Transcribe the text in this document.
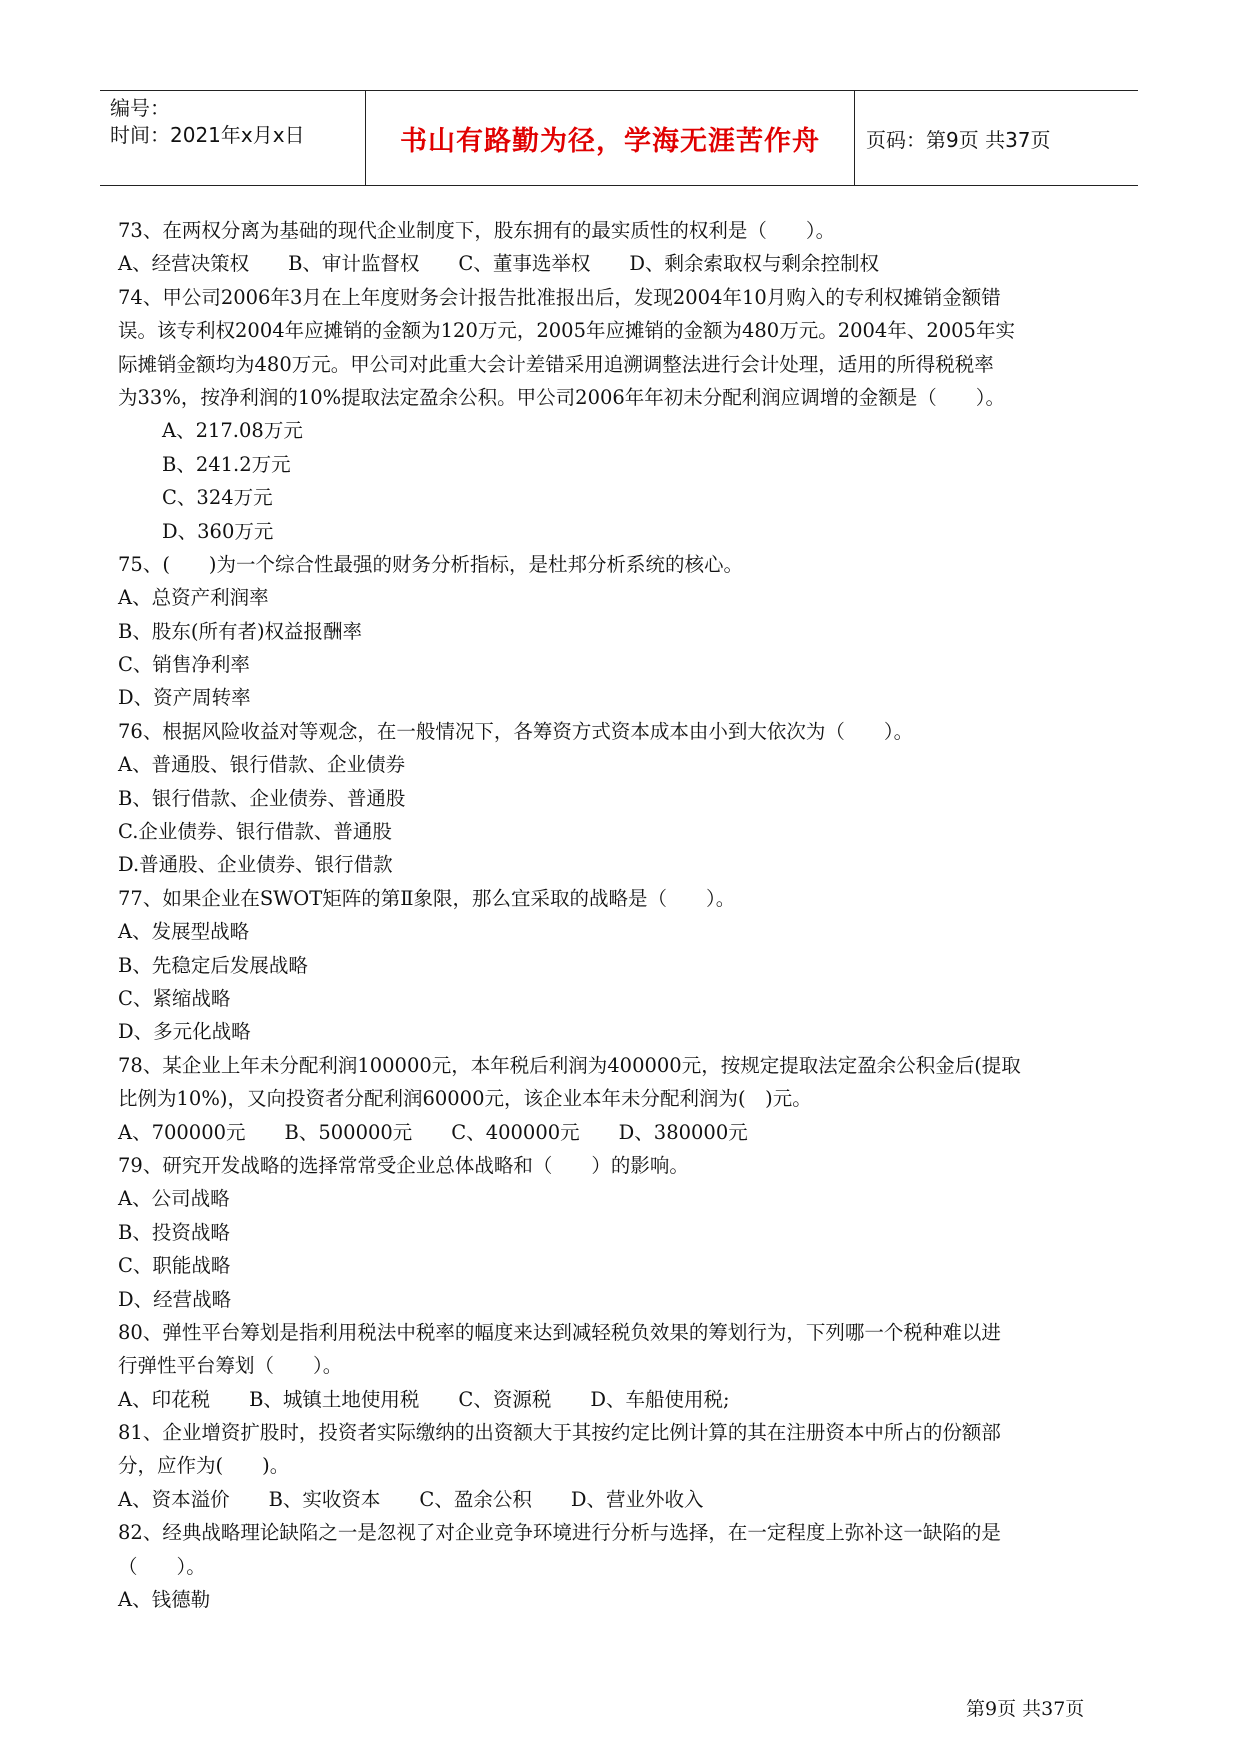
编号：
时间：2021年x月x日	书山有路勤为径，学海无涯苦作舟	页码：第9页 共37页
73、在两权分离为基础的现代企业制度下，股东拥有的最实质性的权利是（　　）。
A、经营决策权　　B、审计监督权　　C、董事选举权　　D、剩余索取权与剩余控制权
74、甲公司2006年3月在上年度财务会计报告批准报出后，发现2004年10月购入的专利权摊销金额错
误。该专利权2004年应摊销的金额为120万元，2005年应摊销的金额为480万元。2004年、2005年实
际摊销金额均为480万元。甲公司对此重大会计差错采用追溯调整法进行会计处理，适用的所得税税率
为33%，按净利润的10%提取法定盈余公积。甲公司2006年年初未分配利润应调增的金额是（　　）。
A、217.08万元
B、241.2万元
C、324万元
D、360万元
75、(　　)为一个综合性最强的财务分析指标，是杜邦分析系统的核心。
A、总资产利润率
B、股东(所有者)权益报酬率
C、销售净利率
D、资产周转率
76、根据风险收益对等观念，在一般情况下，各筹资方式资本成本由小到大依次为（　　）。
A、普通股、银行借款、企业债券
B、银行借款、企业债券、普通股
C.企业债券、银行借款、普通股
D.普通股、企业债券、银行借款
77、如果企业在SWOT矩阵的第Ⅱ象限，那么宜采取的战略是（　　）。
A、发展型战略
B、先稳定后发展战略
C、紧缩战略
D、多元化战略
78、某企业上年未分配利润100000元，本年税后利润为400000元，按规定提取法定盈余公积金后(提取
比例为10%)，又向投资者分配利润60000元，该企业本年未分配利润为(　)元。
A、700000元　　B、500000元　　C、400000元　　D、380000元
79、研究开发战略的选择常常受企业总体战略和（　　）的影响。
A、公司战略
B、投资战略
C、职能战略
D、经营战略
80、弹性平台筹划是指利用税法中税率的幅度来达到减轻税负效果的筹划行为，下列哪一个税种难以进
行弹性平台筹划（　　）。
A、印花税　　B、城镇土地使用税　　C、资源税　　D、车船使用税;
81、企业增资扩股时，投资者实际缴纳的出资额大于其按约定比例计算的其在注册资本中所占的份额部
分，应作为(　　)。
A、资本溢价　　B、实收资本　　C、盈余公积　　D、营业外收入
82、经典战略理论缺陷之一是忽视了对企业竞争环境进行分析与选择，在一定程度上弥补这一缺陷的是
（　　）。
A、钱德勒
第9页 共37页
